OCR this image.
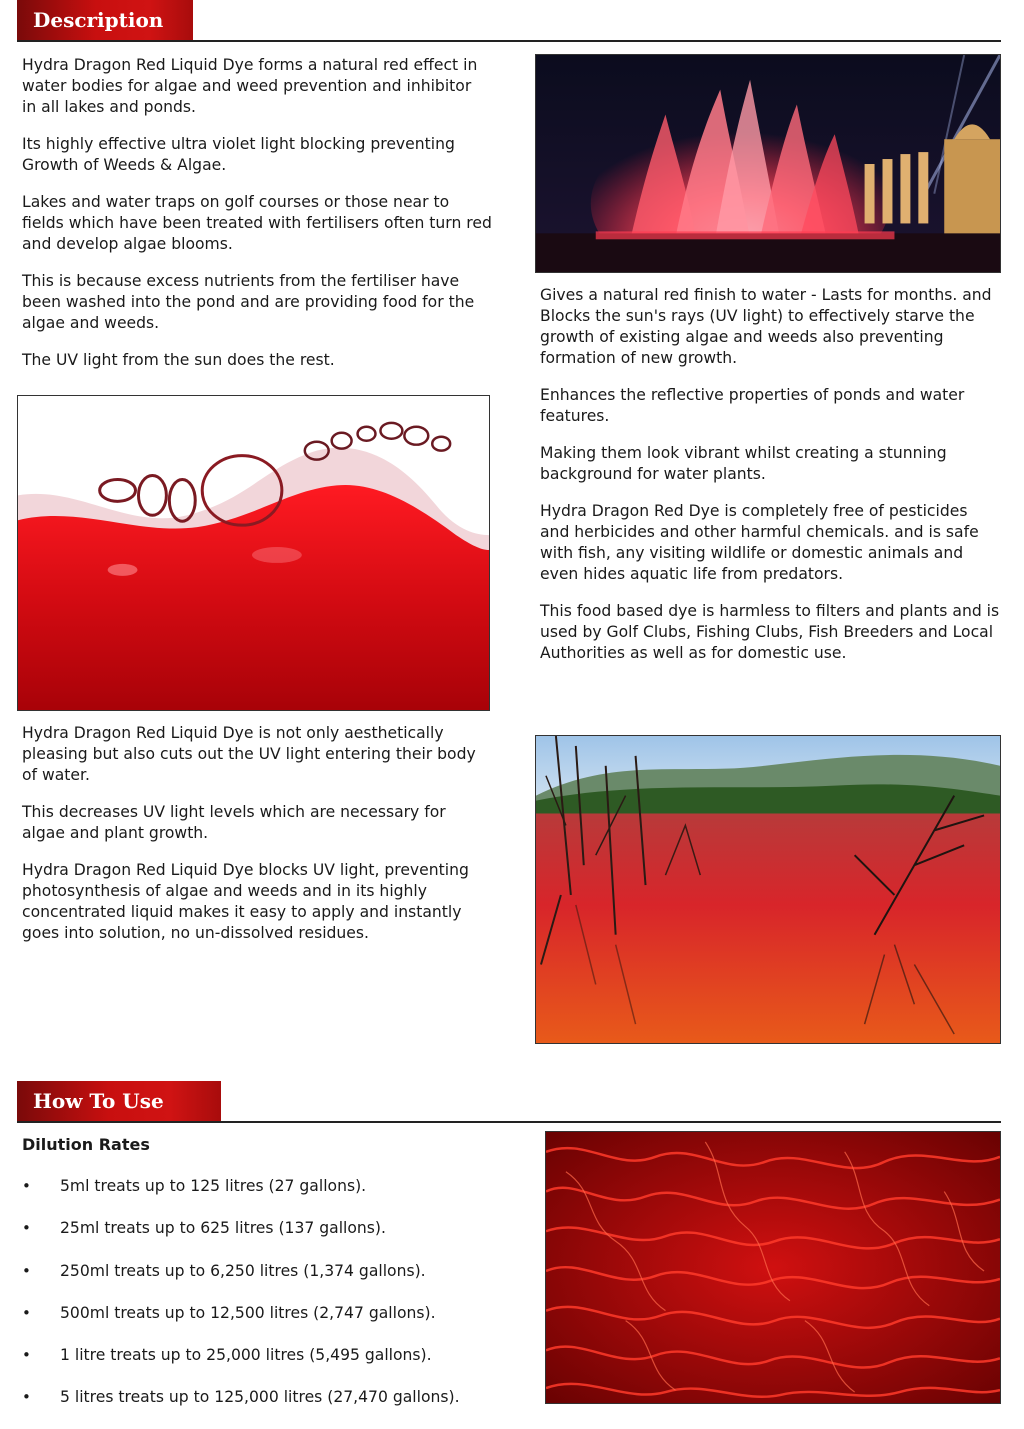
Description

Hydra Dragon Red Liquid Dye forms a natural red effect in water bodies for algae and weed prevention and inhibitor in all lakes and ponds.

Its highly effective ultra violet light blocking preventing Growth of Weeds & Algae.

Lakes and water traps on golf courses or those near to fields which have been treated with fertilisers often turn red and develop algae blooms.

This is because excess nutrients from the fertiliser have been washed into the pond and are providing food for the algae and weeds.

The UV light from the sun does the rest.

Gives a natural red finish to water - Lasts for months. and Blocks the sun's rays (UV light) to effectively starve the growth of existing algae and weeds also preventing formation of new growth.

Enhances the reflective properties of ponds and water features.

Making them look vibrant whilst creating a stunning background for water plants.

Hydra Dragon Red Dye is completely free of pesticides and herbicides and other harmful chemicals. and is safe with fish, any visiting wildlife or domestic animals and even hides aquatic life from predators.

This food based dye is harmless to filters and plants and is used by Golf Clubs, Fishing Clubs, Fish Breeders and Local Authorities as well as for domestic use.

Hydra Dragon Red Liquid Dye is not only aesthetically pleasing but also cuts out the UV light entering their body of water.

This decreases UV light levels which are necessary for algae and plant growth.

Hydra Dragon Red Liquid Dye blocks UV light, preventing photosynthesis of algae and weeds and in its highly concentrated liquid makes it easy to apply and instantly goes into solution, no un-dissolved residues.

How To Use

Dilution Rates

• 5ml treats up to 125 litres (27 gallons).
• 25ml treats up to 625 litres (137 gallons).
• 250ml treats up to 6,250 litres (1,374 gallons).
• 500ml treats up to 12,500 litres (2,747 gallons).
• 1 litre treats up to 25,000 litres (5,495 gallons).
• 5 litres treats up to 125,000 litres (27,470 gallons).
